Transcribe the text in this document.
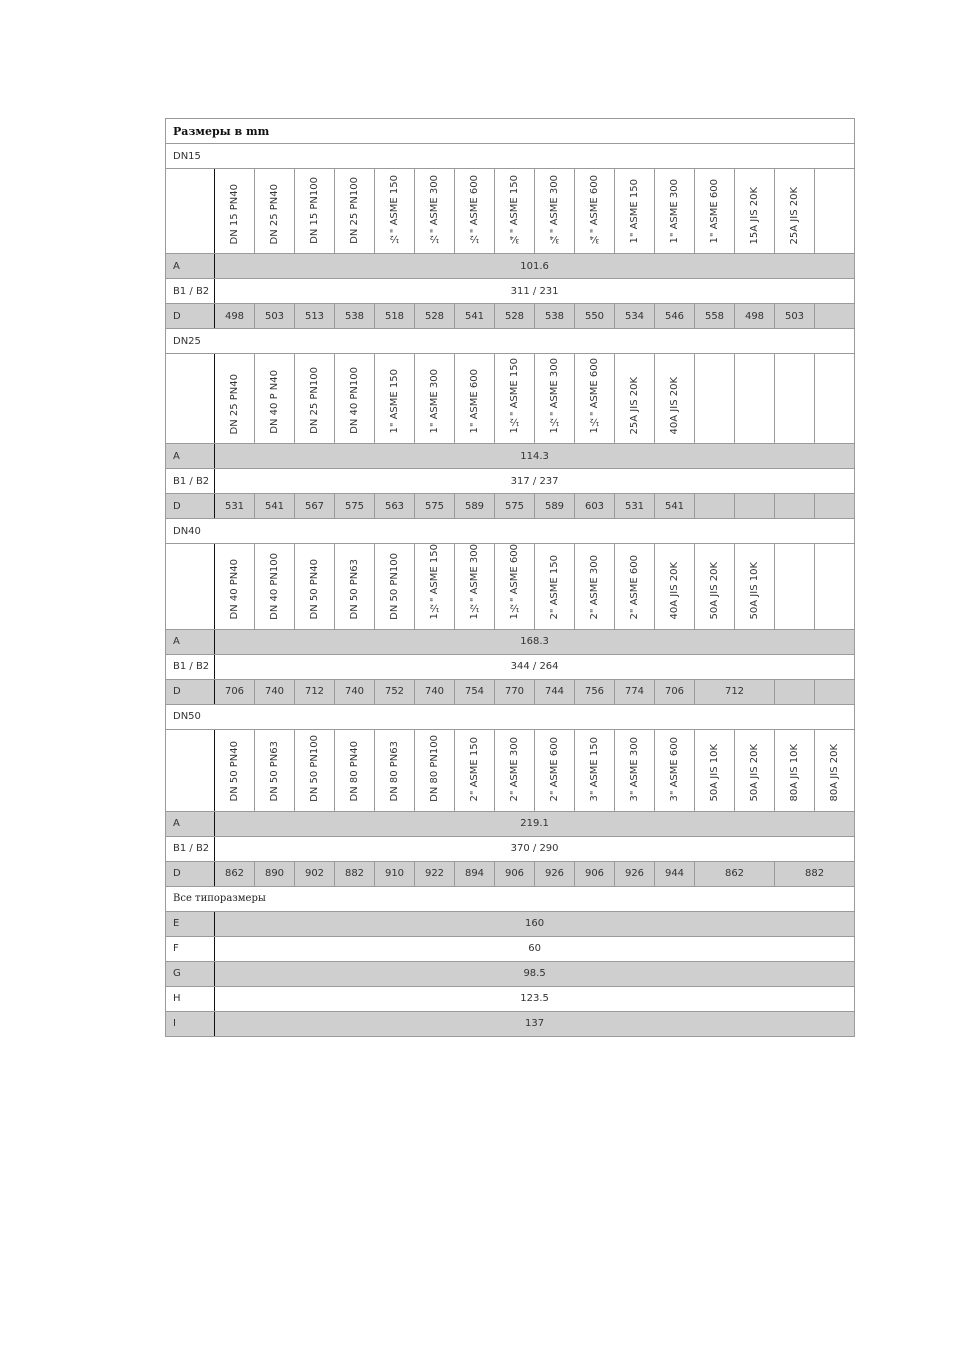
Размеры в mm																
DN15																
	DN 15 PN40	DN 25 PN40	DN 15 PN100	DN 25 PN100	½" ASME 150	½" ASME 300	½" ASME 600	¾" ASME 150	¾" ASME 300	¾" ASME 600	1" ASME 150	1" ASME 300	1" ASME 600	15A JIS 20K	25A JIS 20K	
A	101.6															
B1 / B2	311 / 231															
D	498	503	513	538	518	528	541	528	538	550	534	546	558	498	503	
DN25																
	DN 25 PN40	DN 40 P N40	DN 25 PN100	DN 40 PN100	1" ASME 150	1" ASME 300	1" ASME 600	1½" ASME 150	1½" ASME 300	1½" ASME 600	25A JIS 20K	40A JIS 20K				
A	114.3															
B1 / B2	317 / 237															
D	531	541	567	575	563	575	589	575	589	603	531	541				
DN40																
	DN 40 PN40	DN 40 PN100	DN 50 PN40	DN 50 PN63	DN 50 PN100	1½" ASME 150	1½" ASME 300	1½" ASME 600	2" ASME 150	2" ASME 300	2" ASME 600	40A JIS 20K	50A JIS 20K	50A JIS 10K		
A	168.3															
B1 / B2	344 / 264															
D	706	740	712	740	752	740	754	770	744	756	774	706	712			
DN50																
	DN 50 PN40	DN 50 PN63	DN 50 PN100	DN 80 PN40	DN 80 PN63	DN 80 PN100	2" ASME 150	2" ASME 300	2" ASME 600	3" ASME 150	3" ASME 300	3" ASME 600	50A JIS 10K	50A JIS 20K	80A JIS 10K	80A JIS 20K
A	219.1															
B1 / B2	370 / 290															
D	862	890	902	882	910	922	894	906	926	906	926	944	862		882	
Все типоразмеры																
E	160															
F	60															
G	98.5															
H	123.5															
I	137															
